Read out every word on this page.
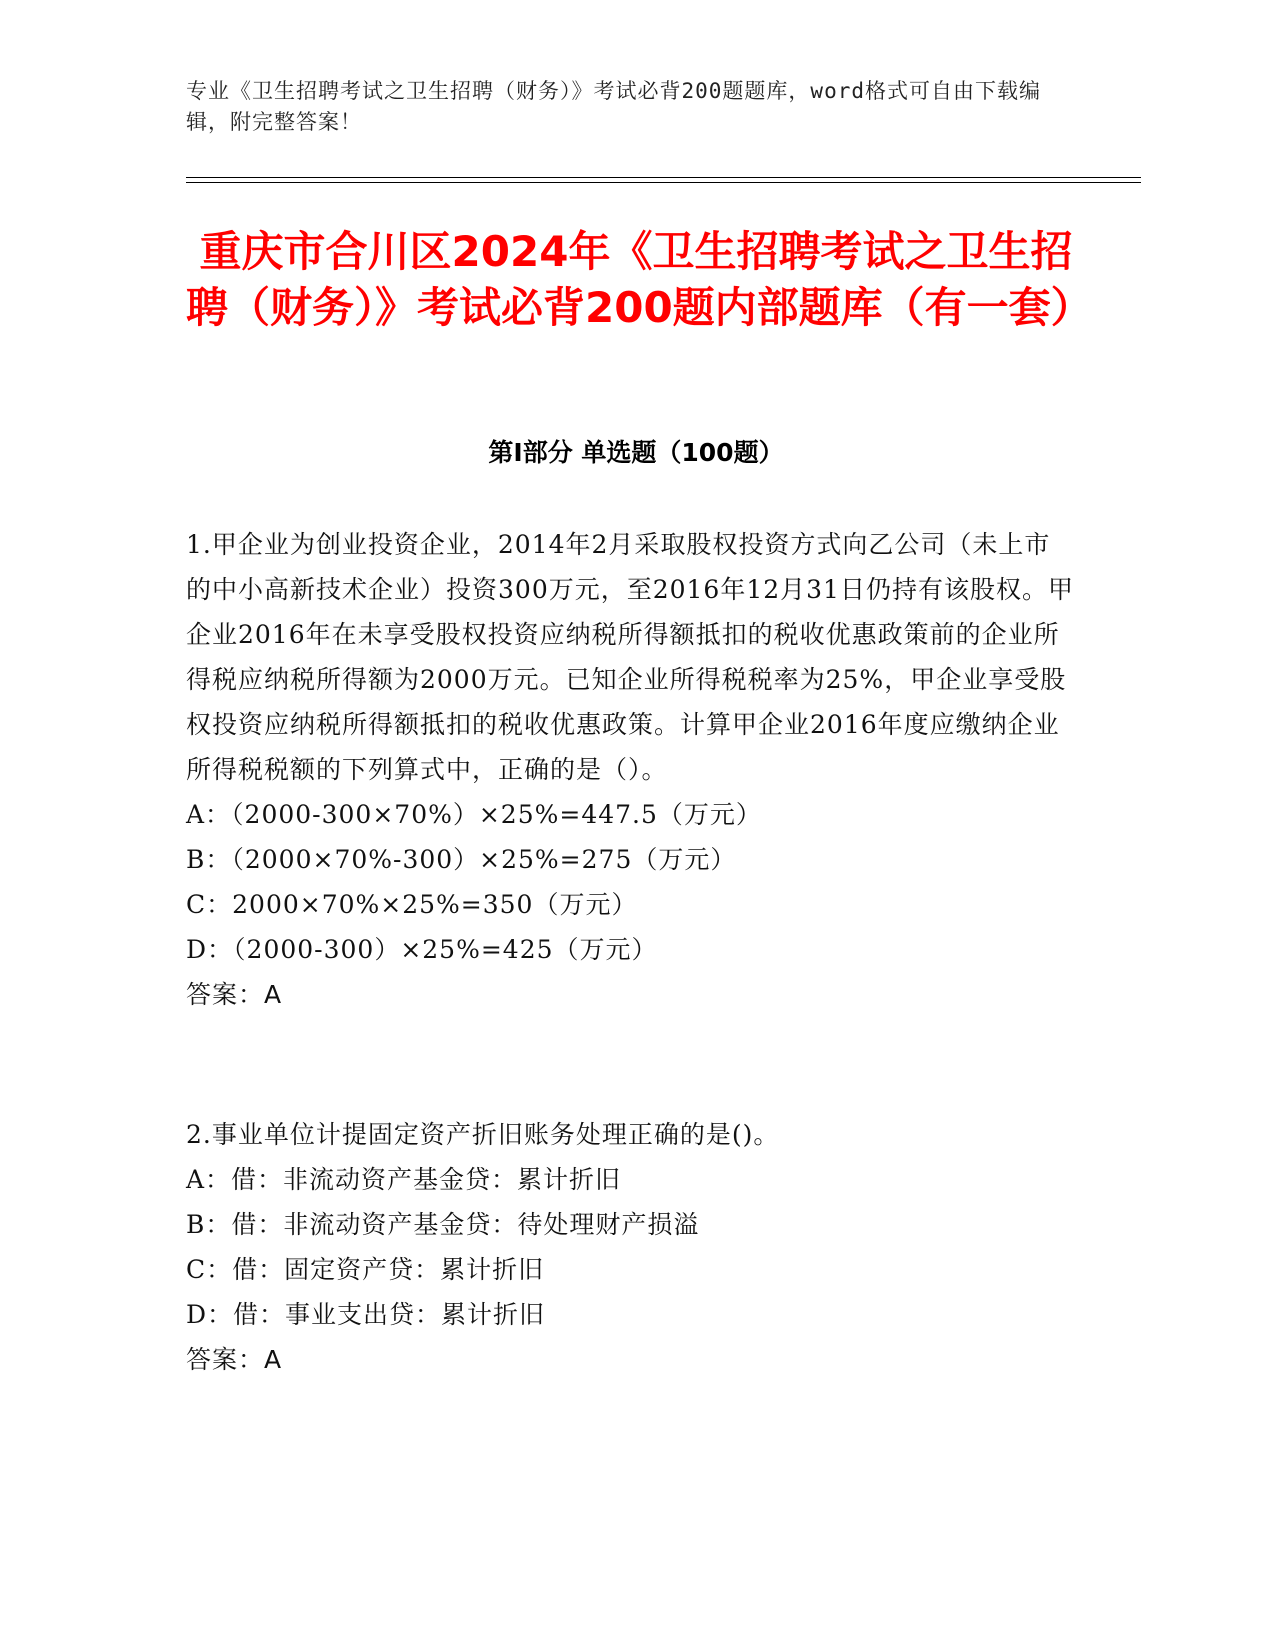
专业《卫生招聘考试之卫生招聘（财务）》考试必背200题题库，word格式可自由下载编辑，附完整答案！
重庆市合川区2024年《卫生招聘考试之卫生招聘（财务）》考试必背200题内部题库（有一套）
第Ⅰ部分 单选题（100题）

1.甲企业为创业投资企业，2014年2月采取股权投资方式向乙公司（未上市的中小高新技术企业）投资300万元，至2016年12月31日仍持有该股权。甲企业2016年在未享受股权投资应纳税所得额抵扣的税收优惠政策前的企业所得税应纳税所得额为2000万元。已知企业所得税税率为25%，甲企业享受股权投资应纳税所得额抵扣的税收优惠政策。计算甲企业2016年度应缴纳企业所得税税额的下列算式中，正确的是（）。

A：（2000-300×70%）×25%=447.5（万元）

B：（2000×70%-300）×25%=275（万元）

C：2000×70%×25%=350（万元）

D：（2000-300）×25%=425（万元）

答案：A

2.事业单位计提固定资产折旧账务处理正确的是()。

A：借：非流动资产基金贷：累计折旧

B：借：非流动资产基金贷：待处理财产损溢

C：借：固定资产贷：累计折旧

D：借：事业支出贷：累计折旧

答案：A
